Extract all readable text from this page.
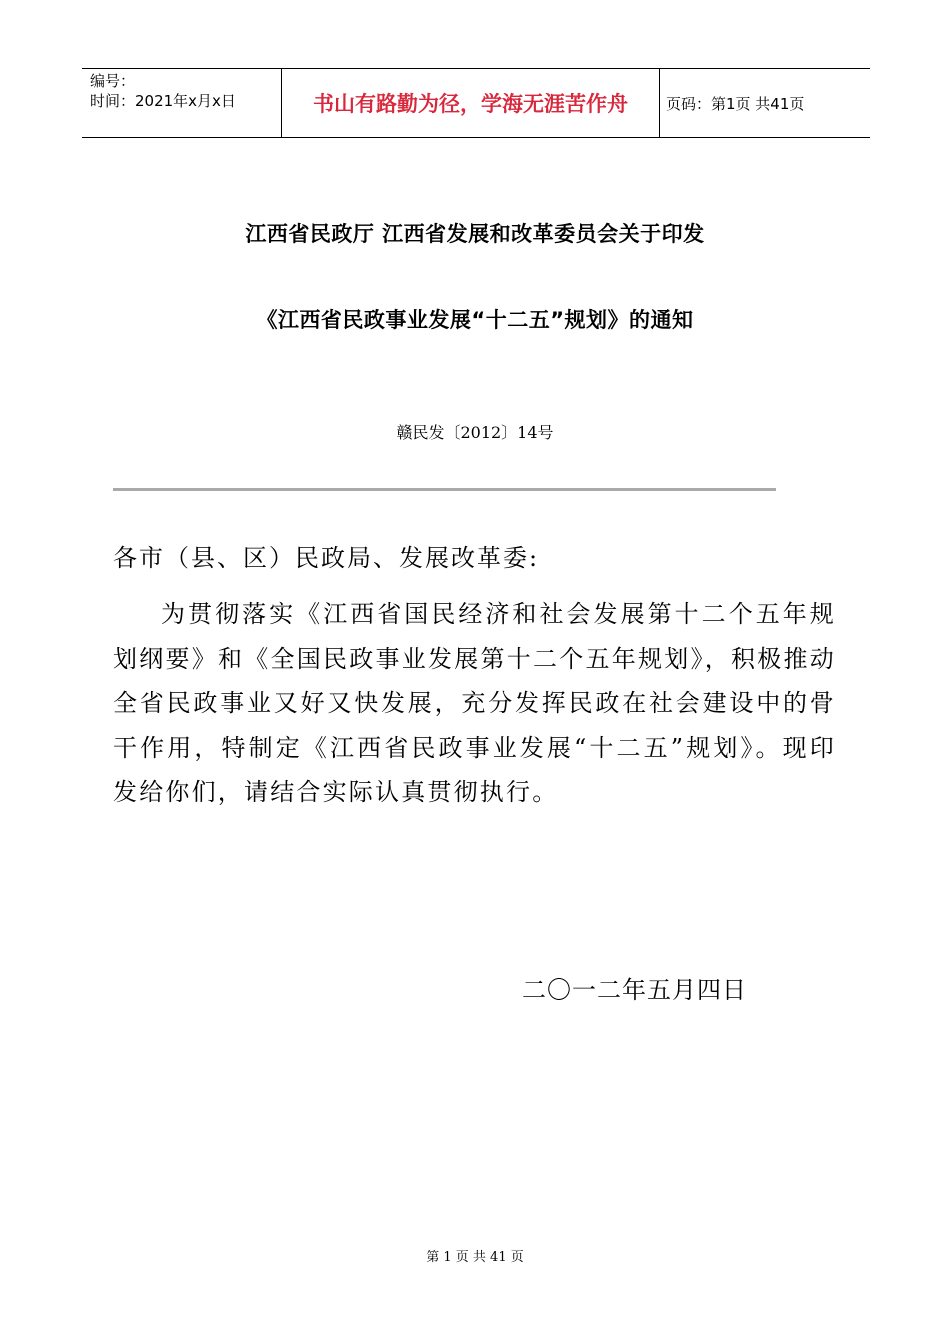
编号：
时间：2021年x月x日	书山有路勤为径，学海无涯苦作舟	页码：第1页 共41页
江西省民政厅 江西省发展和改革委员会关于印发
《江西省民政事业发展“十二五”规划》的通知
赣民发〔2012〕14号
各市（县、区）民政局、发展改革委:

为贯彻落实《江西省国民经济和社会发展第十二个五年规划纲要》和《全国民政事业发展第十二个五年规划》，积极推动全省民政事业又好又快发展，充分发挥民政在社会建设中的骨干作用，特制定《江西省民政事业发展“十二五”规划》。现印发给你们，请结合实际认真贯彻执行。

二〇一二年五月四日
第 1 页 共 41 页
